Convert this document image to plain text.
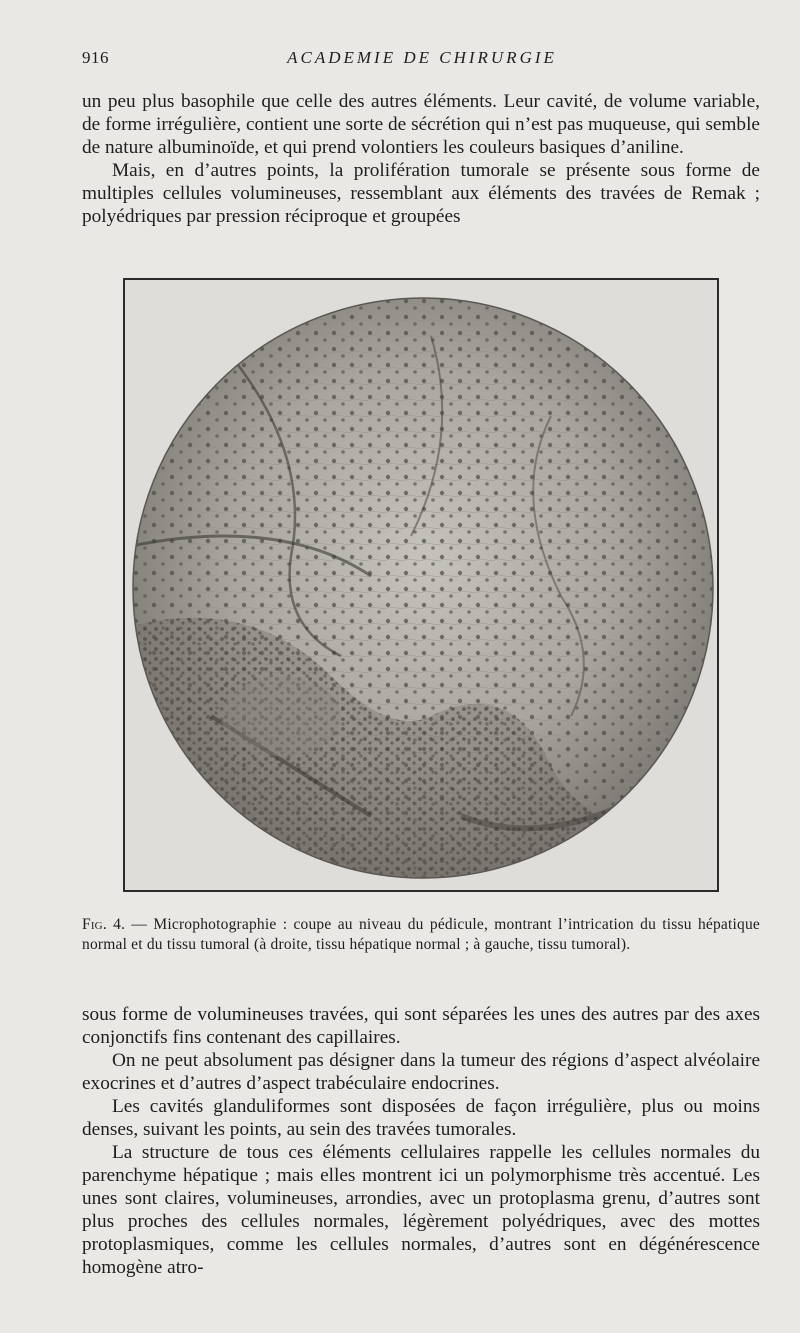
916	ACADEMIE DE CHIRURGIE

un peu plus basophile que celle des autres éléments. Leur cavité, de volume variable, de forme irrégulière, contient une sorte de sécrétion qui n’est pas muqueuse, qui semble de nature albuminoïde, et qui prend volontiers les couleurs basiques d’aniline.

Mais, en d’autres points, la prolifération tumorale se présente sous forme de multiples cellules volumineuses, ressemblant aux éléments des travées de Remak ; polyédriques par pression réciproque et groupées

Fig. 4. — Microphotographie : coupe au niveau du pédicule, montrant l’intrication du tissu hépatique normal et du tissu tumoral (à droite, tissu hépatique normal ; à gauche, tissu tumoral).

sous forme de volumineuses travées, qui sont séparées les unes des autres par des axes conjonctifs fins contenant des capillaires.

On ne peut absolument pas désigner dans la tumeur des régions d’aspect alvéolaire exocrines et d’autres d’aspect trabéculaire endocrines.

Les cavités glanduliformes sont disposées de façon irrégulière, plus ou moins denses, suivant les points, au sein des travées tumorales.

La structure de tous ces éléments cellulaires rappelle les cellules normales du parenchyme hépatique ; mais elles montrent ici un polymorphisme très accentué. Les unes sont claires, volumineuses, arrondies, avec un protoplasma grenu, d’autres sont plus proches des cellules normales, légèrement polyédriques, avec des mottes protoplasmiques, comme les cellules normales, d’autres sont en dégénérescence homogène atro-
